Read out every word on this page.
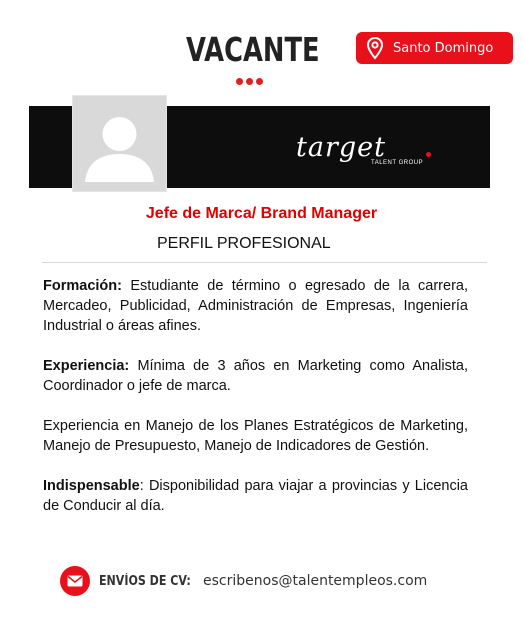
VACANTE	Santo Domingo
target
TALENT GROUP
Jefe de Marca/ Brand Manager
PERFIL PROFESIONAL

Formación: Estudiante de término o egresado de la carrera, Mercadeo, Publicidad, Administración de Empresas, Ingeniería Industrial o áreas afines.

Experiencia: Mínima de 3 años en Marketing como Analista, Coordinador o jefe de marca.

Experiencia en Manejo de los Planes Estratégicos de Marketing, Manejo de Presupuesto, Manejo de Indicadores de Gestión.

Indispensable: Disponibilidad para viajar a provincias y Licencia de Conducir al día.

ENVÍOS DE CV: escribenos@talentempleos.com
